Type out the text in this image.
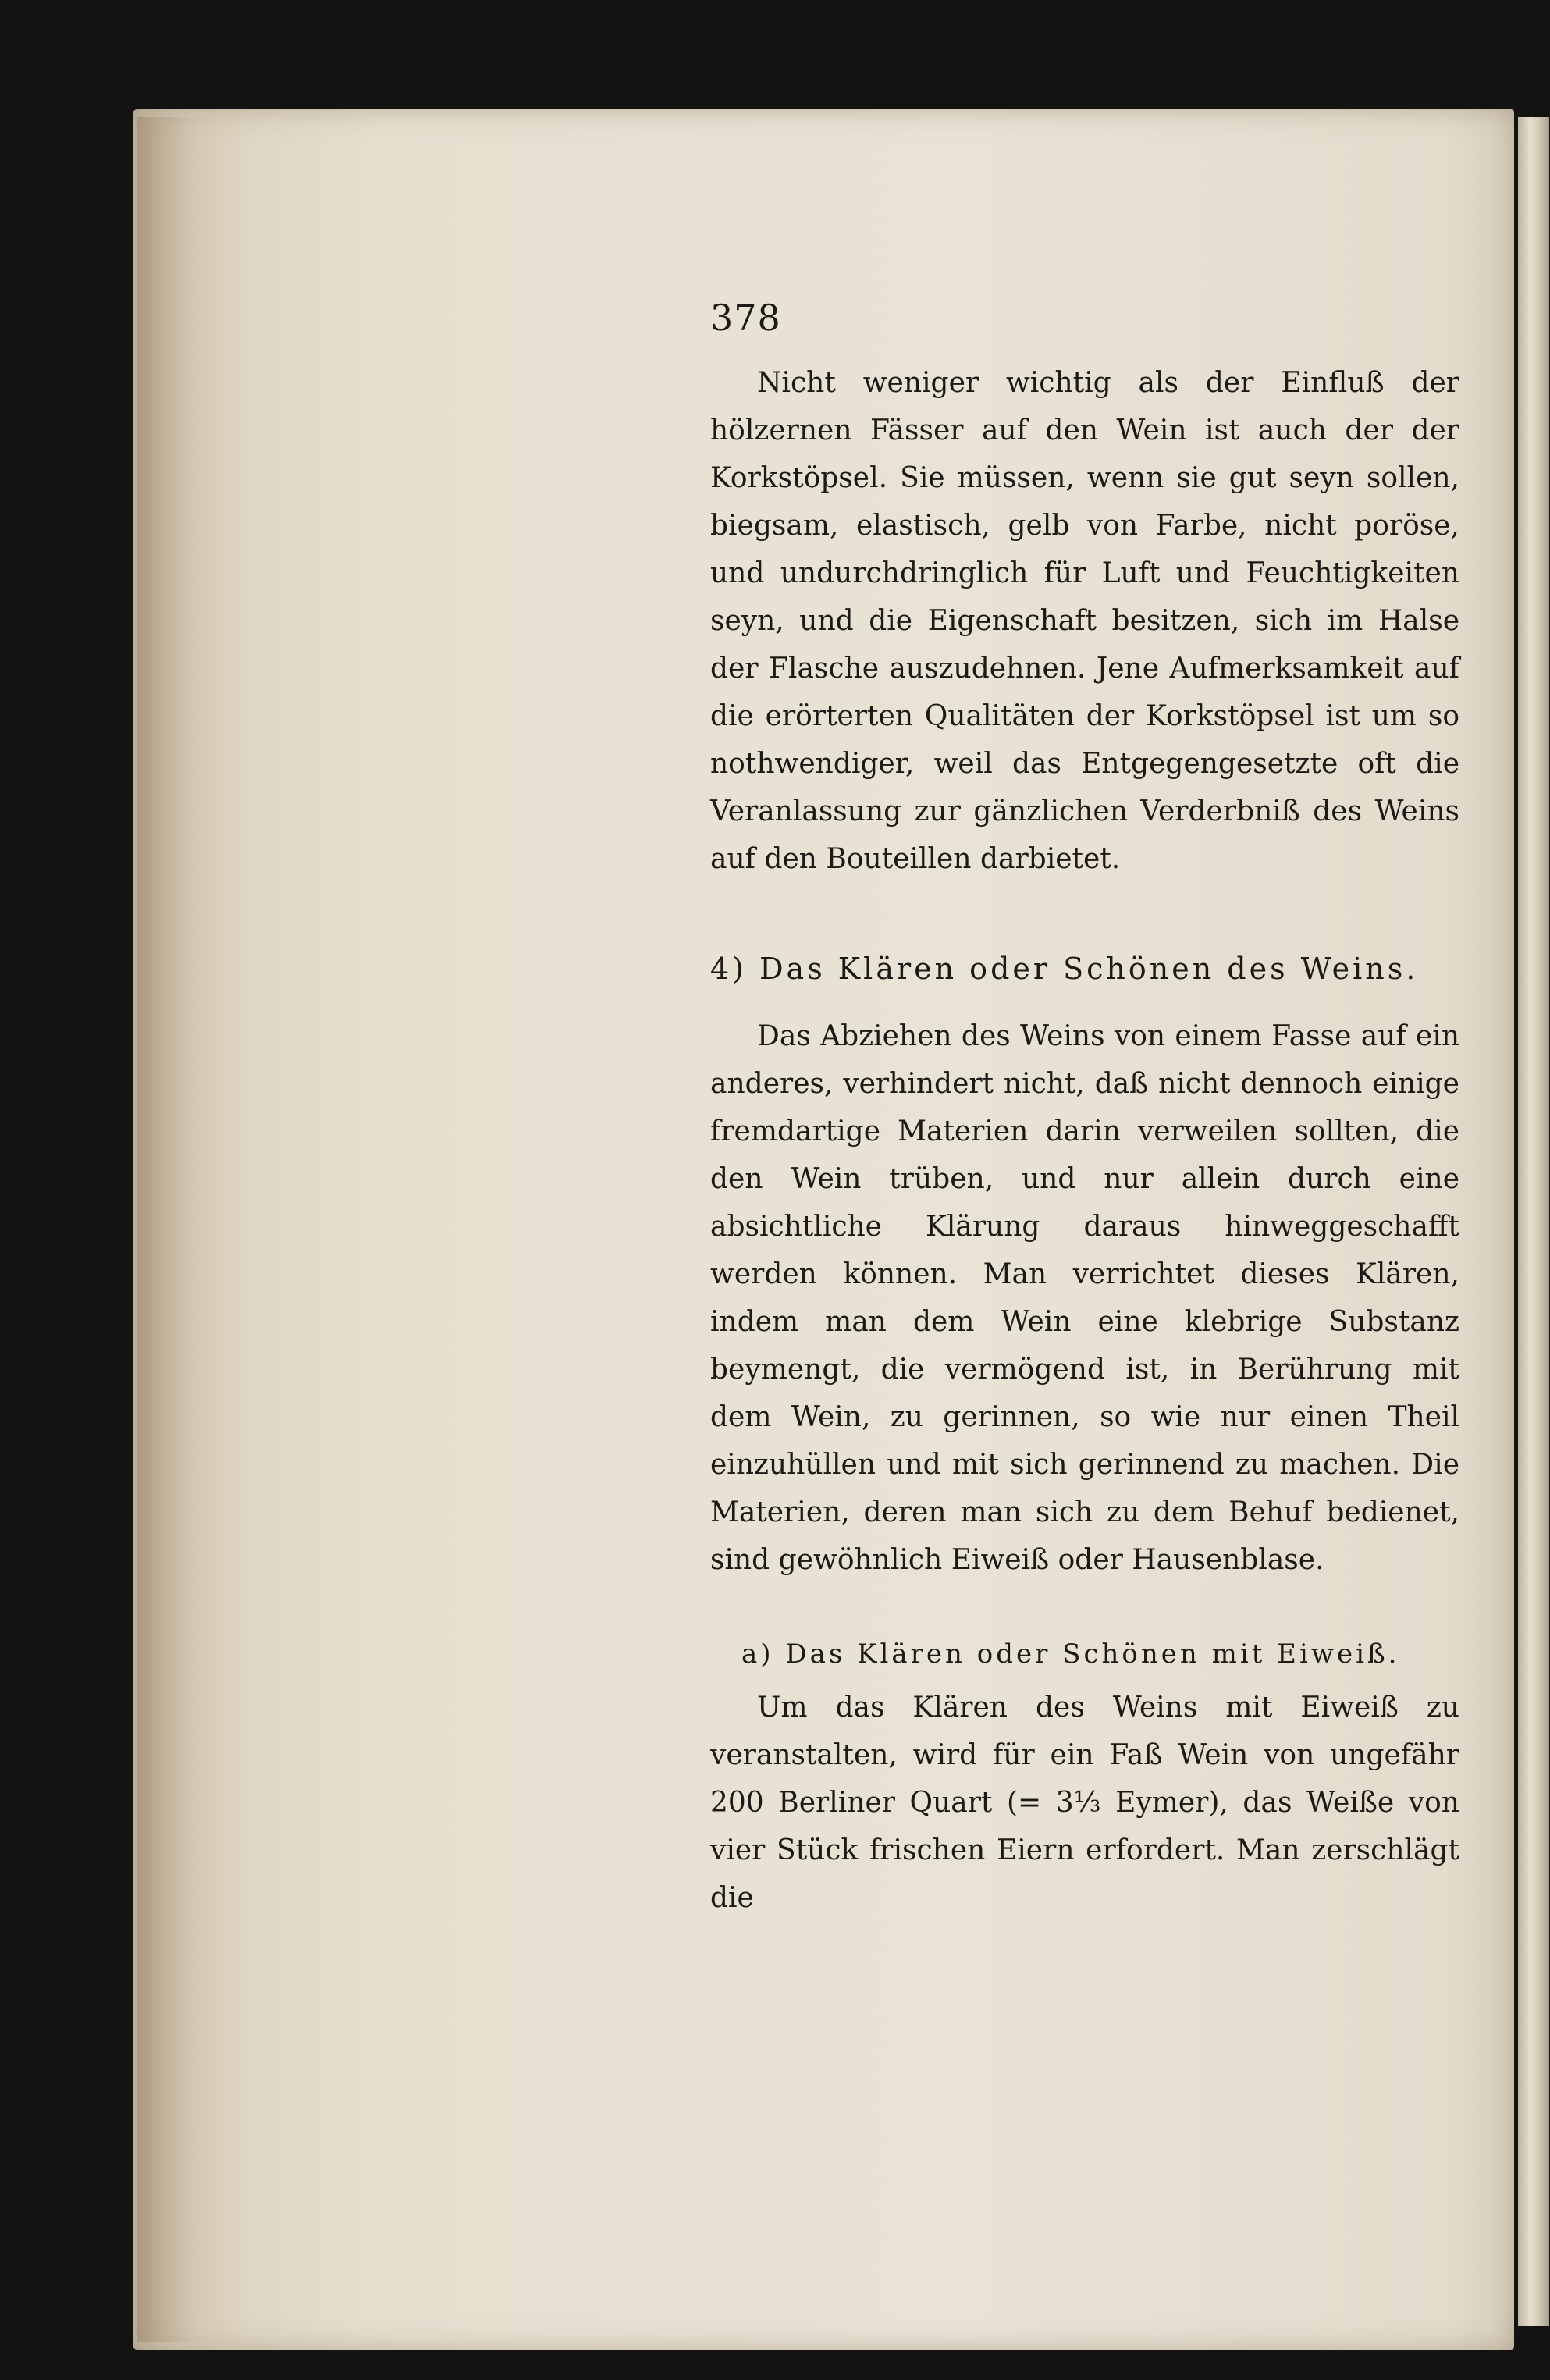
378

Nicht weniger wichtig als der Einfluß der hölzernen Fässer auf den Wein ist auch der der Korkstöpsel. Sie müssen, wenn sie gut seyn sollen, biegsam, elastisch, gelb von Farbe, nicht poröse, und undurchdringlich für Luft und Feuchtigkeiten seyn, und die Eigenschaft besitzen, sich im Halse der Flasche auszudehnen. Jene Aufmerksamkeit auf die erörterten Qualitäten der Korkstöpsel ist um so nothwendiger, weil das Entgegengesetzte oft die Veranlassung zur gänzlichen Verderbniß des Weins auf den Bouteillen darbietet.

4) Das Klären oder Schönen des Weins.

Das Abziehen des Weins von einem Fasse auf ein anderes, verhindert nicht, daß nicht dennoch einige fremdartige Materien darin verweilen sollten, die den Wein trüben, und nur allein durch eine absichtliche Klärung daraus hinweggeschafft werden können. Man verrichtet dieses Klären, indem man dem Wein eine klebrige Substanz beymengt, die vermögend ist, in Berührung mit dem Wein, zu gerinnen, so wie nur einen Theil einzuhüllen und mit sich gerinnend zu machen. Die Materien, deren man sich zu dem Behuf bedienet, sind gewöhnlich Eiweiß oder Hausenblase.

a) Das Klären oder Schönen mit Eiweiß.

Um das Klären des Weins mit Eiweiß zu veranstalten, wird für ein Faß Wein von ungefähr 200 Berliner Quart (= 3⅓ Eymer), das Weiße von vier Stück frischen Eiern erfordert. Man zerschlägt die
